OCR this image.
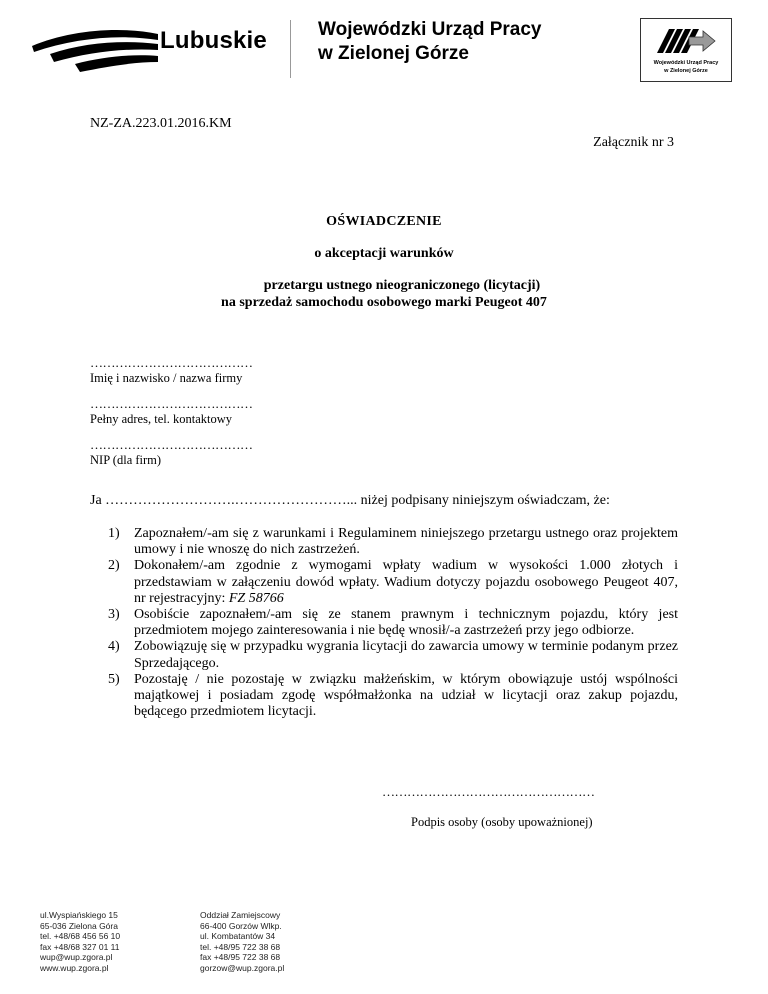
Lubuskie	Wojewódzki Urząd Pracy
w Zielonej Górze	Wojewódzki Urząd Pracy
w Zielonej Górze
NZ-ZA.223.01.2016.KM
Załącznik nr 3
OŚWIADCZENIE
o akceptacji warunków
przetargu ustnego nieograniczonego (licytacji)
na sprzedaż samochodu osobowego marki Peugeot 407
…………………………………
Imię i nazwisko / nazwa firmy
…………………………………
Pełny adres, tel. kontaktowy
…………………………………
NIP (dla firm)
Ja ……………………….……………………... niżej podpisany niniejszym oświadczam, że:
1) Zapoznałem/-am się z warunkami i Regulaminem niniejszego przetargu ustnego oraz projektem umowy i nie wnoszę do nich zastrzeżeń.
2) Dokonałem/-am zgodnie z wymogami wpłaty wadium w wysokości 1.000 złotych i przedstawiam w załączeniu dowód wpłaty. Wadium dotyczy pojazdu osobowego Peugeot 407, nr rejestracyjny: FZ 58766
3) Osobiście zapoznałem/-am się ze stanem prawnym i technicznym pojazdu, który jest przedmiotem mojego zainteresowania i nie będę wnosił/-a zastrzeżeń przy jego odbiorze.
4) Zobowiązuję się w przypadku wygrania licytacji do zawarcia umowy w terminie podanym przez Sprzedającego.
5) Pozostaję / nie pozostaję w związku małżeńskim, w którym obowiązuje ustój wspólności majątkowej i posiadam zgodę współmałżonka na udział w licytacji oraz zakup pojazdu, będącego przedmiotem licytacji.
……………………………………………
Podpis osoby (osoby upoważnionej)
ul.Wyspiańskiego 15
65-036 Zielona Góra
tel. +48/68 456 56 10
fax +48/68 327 01 11
wup@wup.zgora.pl
www.wup.zgora.pl
Oddział Zamiejscowy
66-400 Gorzów Wlkp.
ul. Kombatantów 34
tel. +48/95 722 38 68
fax +48/95 722 38 68
gorzow@wup.zgora.pl
